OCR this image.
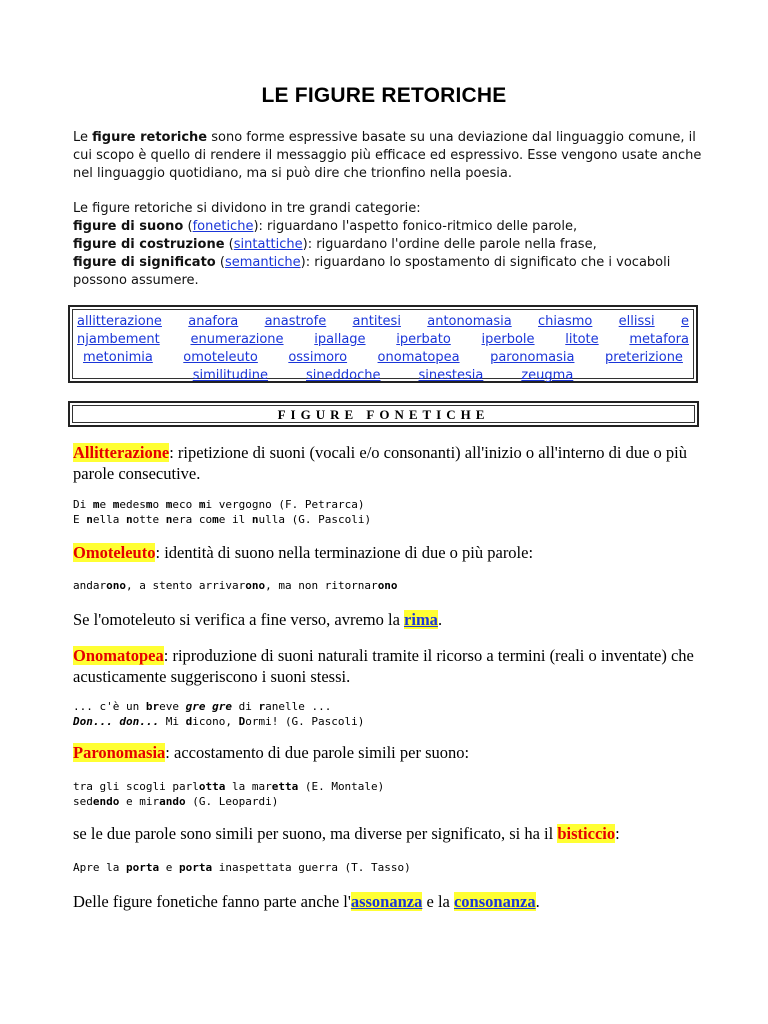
LE FIGURE RETORICHE
Le figure retoriche sono forme espressive basate su una deviazione dal linguaggio comune, il cui scopo è quello di rendere il messaggio più efficace ed espressivo. Esse vengono usate anche nel linguaggio quotidiano, ma si può dire che trionfino nella poesia.
Le figure retoriche si dividono in tre grandi categorie:
figure di suono (fonetiche): riguardano l'aspetto fonico-ritmico delle parole,
figure di costruzione (sintattiche): riguardano l'ordine delle parole nella frase,
figure di significato (semantiche): riguardano lo spostamento di significato che i vocaboli possono assumere.
allitterazione anafora anastrofe antitesi antonomasia chiasmo ellissi e
njambement enumerazione ipallage iperbato iperbole litote metafora
metonimia omoteleuto ossimoro onomatopea paronomasia preterizione
similitudine	sineddoche	sinestesia	zeugma
FIGURE FONETICHE
Allitterazione: ripetizione di suoni (vocali e/o consonanti) all'inizio o all'interno di due o più parole consecutive.
Di me medesmo meco mi vergogno (F. Petrarca)
E nella notte nera come il nulla (G. Pascoli)
Omoteleuto: identità di suono nella terminazione di due o più parole:
andarono, a stento arrivarono, ma non ritornarono
Se l'omoteleuto si verifica a fine verso, avremo la rima.
Onomatopea: riproduzione di suoni naturali tramite il ricorso a termini (reali o inventate) che acusticamente suggeriscono i suoni stessi.
... c'è un breve gre gre di ranelle ...
Don... don... Mi dicono, Dormi! (G. Pascoli)
Paronomasia: accostamento di due parole simili per suono:
tra gli scogli parlotta la maretta (E. Montale)
sedendo e mirando (G. Leopardi)
se le due parole sono simili per suono, ma diverse per significato, si ha il bisticcio:
Apre la porta e porta inaspettata guerra (T. Tasso)
Delle figure fonetiche fanno parte anche l'assonanza e la consonanza.
